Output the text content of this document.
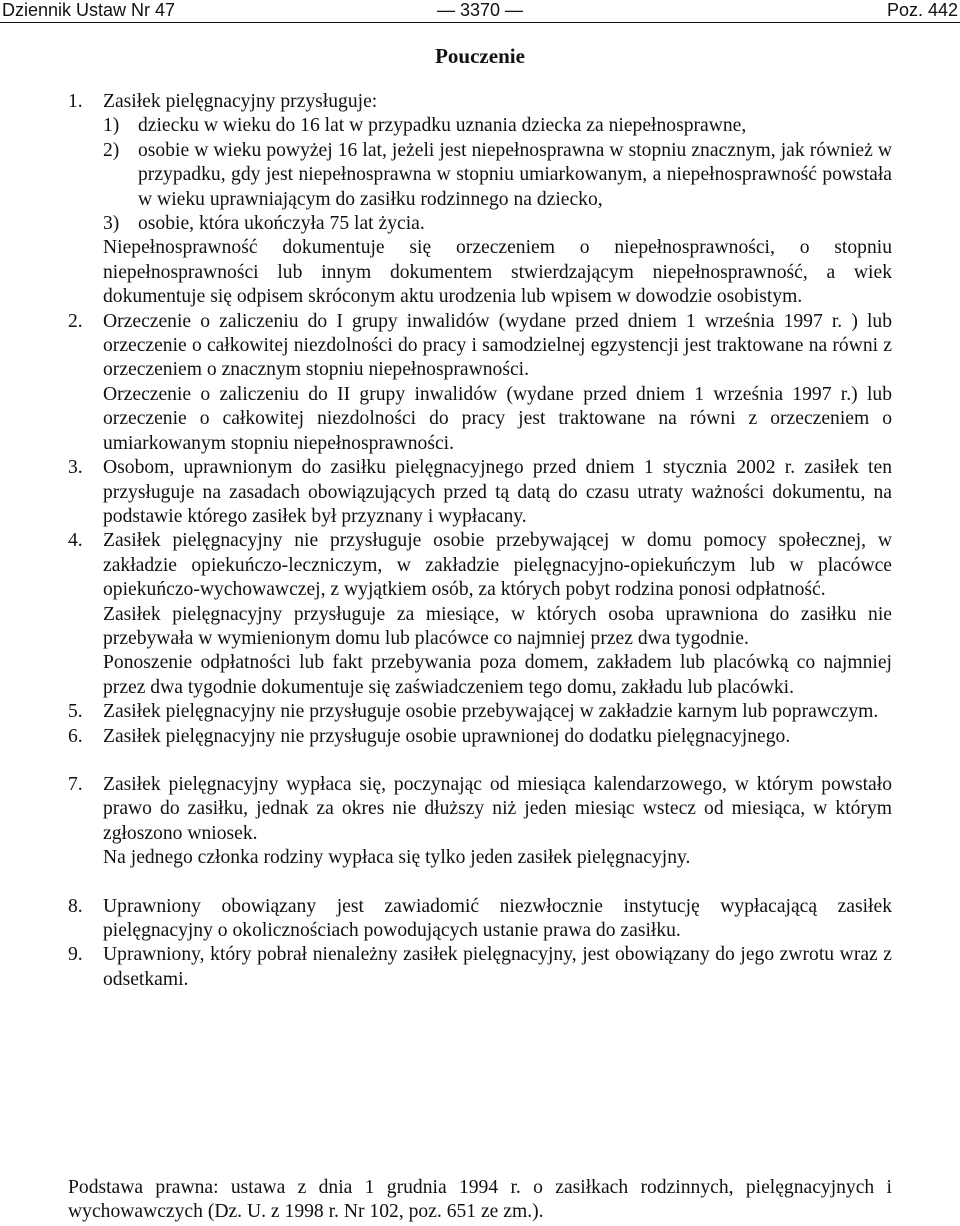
— 3370 —
Dziennik Ustaw Nr 47	Poz. 442
Pouczenie
1. Zasiłek pielęgnacyjny przysługuje:

1) dziecku w wieku do 16 lat w przypadku uznania dziecka za niepełnosprawne,

2) osobie w wieku powyżej 16 lat, jeżeli jest niepełnosprawna w stopniu znacznym, jak również w przypadku, gdy jest niepełnosprawna w stopniu umiarkowanym, a niepełnosprawność powstała w wieku uprawniającym do zasiłku rodzinnego na dziecko,

3) osobie, która ukończyła 75 lat życia.

Niepełnosprawność dokumentuje się orzeczeniem o niepełnosprawności, o stopniu niepełnosprawności lub innym dokumentem stwierdzającym niepełnosprawność, a wiek dokumentuje się odpisem skróconym aktu urodzenia lub wpisem w dowodzie osobistym.

2. Orzeczenie o zaliczeniu do I grupy inwalidów (wydane przed dniem 1 września 1997 r. ) lub orzeczenie o całkowitej niezdolności do pracy i samodzielnej egzystencji jest traktowane na równi z orzeczeniem o znacznym stopniu niepełnosprawności.

Orzeczenie o zaliczeniu do II grupy inwalidów (wydane przed dniem 1 września 1997 r.) lub orzeczenie o całkowitej niezdolności do pracy jest traktowane na równi z orzeczeniem o umiarkowanym stopniu niepełnosprawności.

3. Osobom, uprawnionym do zasiłku pielęgnacyjnego przed dniem 1 stycznia 2002 r. zasiłek ten przysługuje na zasadach obowiązujących przed tą datą do czasu utraty ważności dokumentu, na podstawie którego zasiłek był przyznany i wypłacany.

4. Zasiłek pielęgnacyjny nie przysługuje osobie przebywającej w domu pomocy społecznej, w zakładzie opiekuńczo-leczniczym, w zakładzie pielęgnacyjno-opiekuńczym lub w placówce opiekuńczo-wychowawczej, z wyjątkiem osób, za których pobyt rodzina ponosi odpłatność.

Zasiłek pielęgnacyjny przysługuje za miesiące, w których osoba uprawniona do zasiłku nie przebywała w wymienionym domu lub placówce co najmniej przez dwa tygodnie.

Ponoszenie odpłatności lub fakt przebywania poza domem, zakładem lub placówką co najmniej przez dwa tygodnie dokumentuje się zaświadczeniem tego domu, zakładu lub placówki.

5. Zasiłek pielęgnacyjny nie przysługuje osobie przebywającej w zakładzie karnym lub poprawczym.

6. Zasiłek pielęgnacyjny nie przysługuje osobie uprawnionej do dodatku pielęgnacyjnego.

7. Zasiłek pielęgnacyjny wypłaca się, poczynając od miesiąca kalendarzowego, w którym powstało prawo do zasiłku, jednak za okres nie dłuższy niż jeden miesiąc wstecz od miesiąca, w którym zgłoszono wniosek.

Na jednego członka rodziny wypłaca się tylko jeden zasiłek pielęgnacyjny.

8. Uprawniony obowiązany jest zawiadomić niezwłocznie instytucję wypłacającą zasiłek pielęgnacyjny o okolicznościach powodujących ustanie prawa do zasiłku.

9. Uprawniony, który pobrał nienależny zasiłek pielęgnacyjny, jest obowiązany do jego zwrotu wraz z odsetkami.

Podstawa prawna: ustawa z dnia 1 grudnia 1994 r. o zasiłkach rodzinnych, pielęgnacyjnych i wychowawczych (Dz. U. z 1998 r. Nr 102, poz. 651 ze zm.).
